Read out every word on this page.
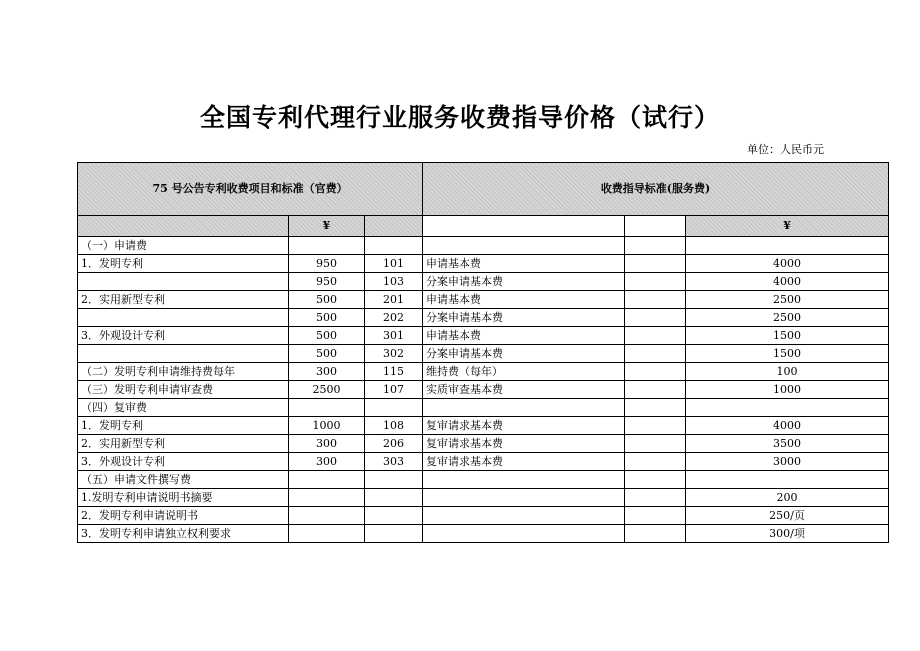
全国专利代理行业服务收费指导价格（试行）
单位：人民币元
75 号公告专利收费项目和标准（官费）			收费指导标准(服务费)		
	¥				¥
（一）申请费					
1．发明专利	950	101	申请基本费		4000
	950	103	分案申请基本费		4000
2．实用新型专利	500	201	申请基本费		2500
	500	202	分案申请基本费		2500
3．外观设计专利	500	301	申请基本费		1500
	500	302	分案申请基本费		1500
（二）发明专利申请维持费每年	300	115	维持费（每年）		100
（三）发明专利申请审查费	2500	107	实质审查基本费		1000
（四）复审费					
1．发明专利	1000	108	复审请求基本费		4000
2．实用新型专利	300	206	复审请求基本费		3500
3．外观设计专利	300	303	复审请求基本费		3000
（五）申请文件撰写费					
1.发明专利申请说明书摘要					200
2．发明专利申请说明书					250/页
3．发明专利申请独立权利要求					300/项
